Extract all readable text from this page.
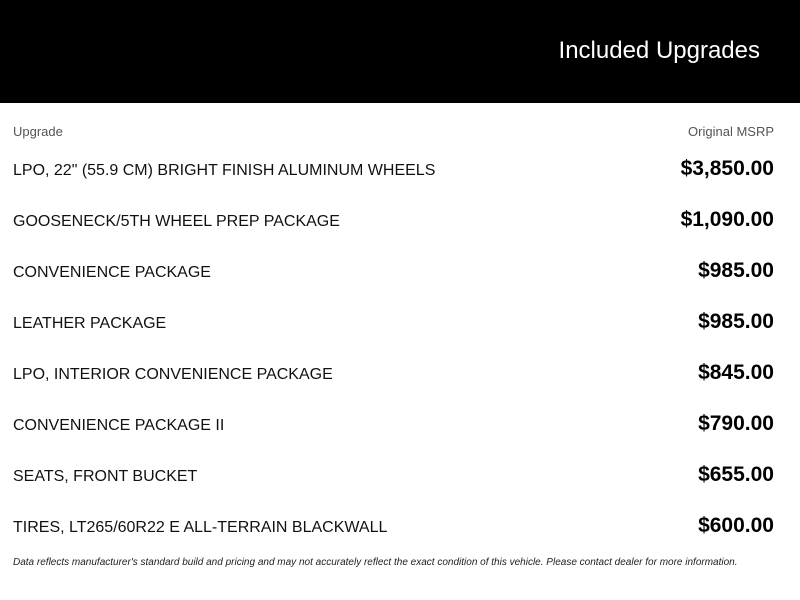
Included Upgrades
Upgrade	Original MSRP
LPO, 22" (55.9 CM) BRIGHT FINISH ALUMINUM WHEELS	$3,850.00
GOOSENECK/5TH WHEEL PREP PACKAGE	$1,090.00
CONVENIENCE PACKAGE	$985.00
LEATHER PACKAGE	$985.00
LPO, INTERIOR CONVENIENCE PACKAGE	$845.00
CONVENIENCE PACKAGE II	$790.00
SEATS, FRONT BUCKET	$655.00
TIRES, LT265/60R22 E ALL-TERRAIN BLACKWALL	$600.00
Data reflects manufacturer's standard build and pricing and may not accurately reflect the exact condition of this vehicle. Please contact dealer for more information.
